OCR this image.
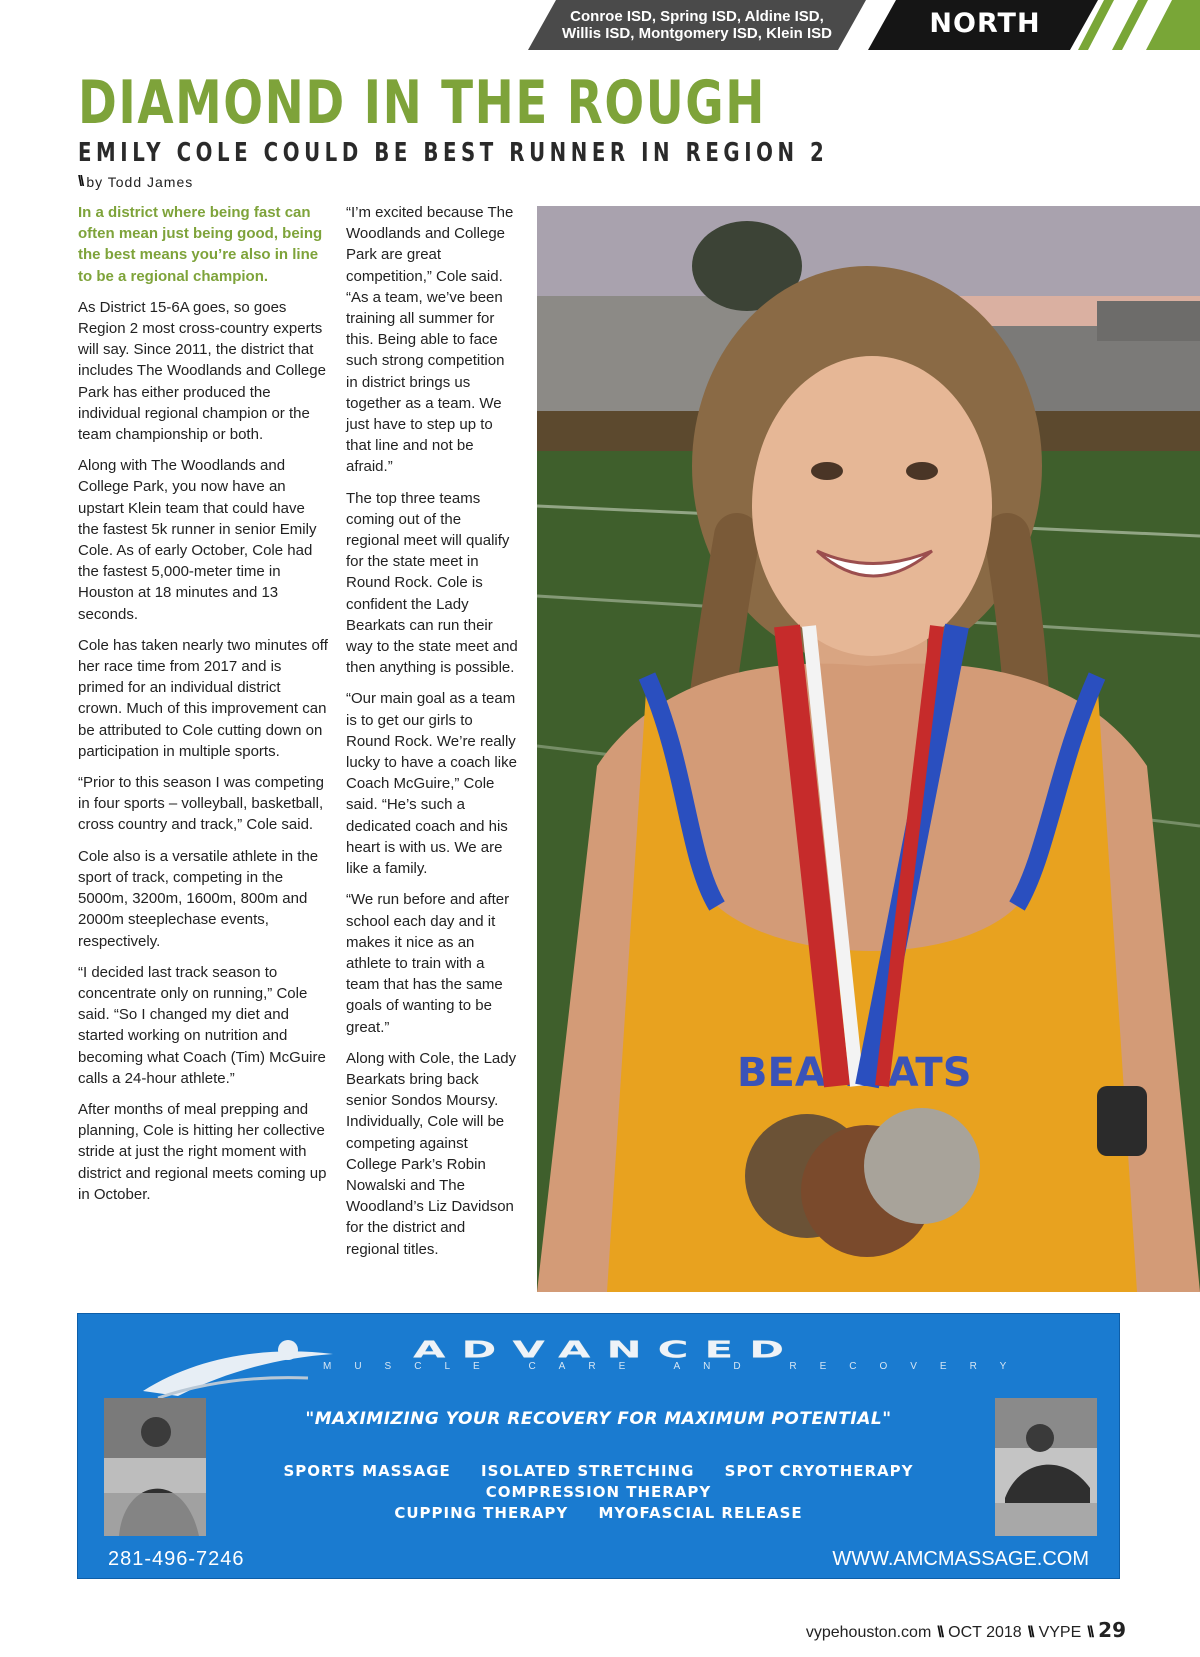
Conroe ISD, Spring ISD, Aldine ISD,
Willis ISD, Montgomery ISD, Klein ISD	NORTH
DIAMOND IN THE ROUGH
EMILY COLE COULD BE BEST RUNNER IN REGION 2
\\ by Todd James

In a district where being fast can often mean just being good, being the best means you’re also in line to be a regional champion.

As District 15-6A goes, so goes Region 2 most cross-country experts will say. Since 2011, the district that includes The Woodlands and College Park has either produced the individual regional champion or the team championship or both.

Along with The Woodlands and College Park, you now have an upstart Klein team that could have the fastest 5k runner in senior Emily Cole. As of early October, Cole had the fastest 5,000-meter time in Houston at 18 minutes and 13 seconds.

Cole has taken nearly two minutes off her race time from 2017 and is primed for an individual district crown. Much of this improvement can be attributed to Cole cutting down on participation in multiple sports.

“Prior to this season I was competing in four sports – volleyball, basketball, cross country and track,” Cole said.

Cole also is a versatile athlete in the sport of track, competing in the 5000m, 3200m, 1600m, 800m and 2000m steeplechase events, respectively.

“I decided last track season to concentrate only on running,” Cole said. “So I changed my diet and started working on nutrition and becoming what Coach (Tim) McGuire calls a 24-hour athlete.”

After months of meal prepping and planning, Cole is hitting her collective stride at just the right moment with district and regional meets coming up in October.

“I’m excited because The Woodlands and College Park are great competition,” Cole said. “As a team, we’ve been training all summer for this. Being able to face such strong competition in district brings us together as a team. We just have to step up to that line and not be afraid.”

The top three teams coming out of the regional meet will qualify for the state meet in Round Rock. Cole is confident the Lady Bearkats can run their way to the state meet and then anything is possible.

“Our main goal as a team is to get our girls to Round Rock. We’re really lucky to have a coach like Coach McGuire,” Cole said. “He’s such a dedicated coach and his heart is with us. We are like a family.

“We run before and after school each day and it makes it nice as an athlete to train with a team that has the same goals of wanting to be great.”

Along with Cole, the Lady Bearkats bring back senior Sondos Moursy. Individually, Cole will be competing against College Park’s Robin Nowalski and The Woodland’s Liz Davidson for the district and regional titles.

BEARKATS
ADVANCED
MUSCLE CARE AND RECOVERY
"MAXIMIZING YOUR RECOVERY FOR MAXIMUM POTENTIAL"
SPORTS MASSAGE ISOLATED STRETCHING SPOT CRYOTHERAPY
COMPRESSION THERAPY
CUPPING THERAPY MYOFASCIAL RELEASE
281-496-7246	WWW.AMCMASSAGE.COM
vypehouston.com \\ OCT 2018 \\ VYPE \\ 29
